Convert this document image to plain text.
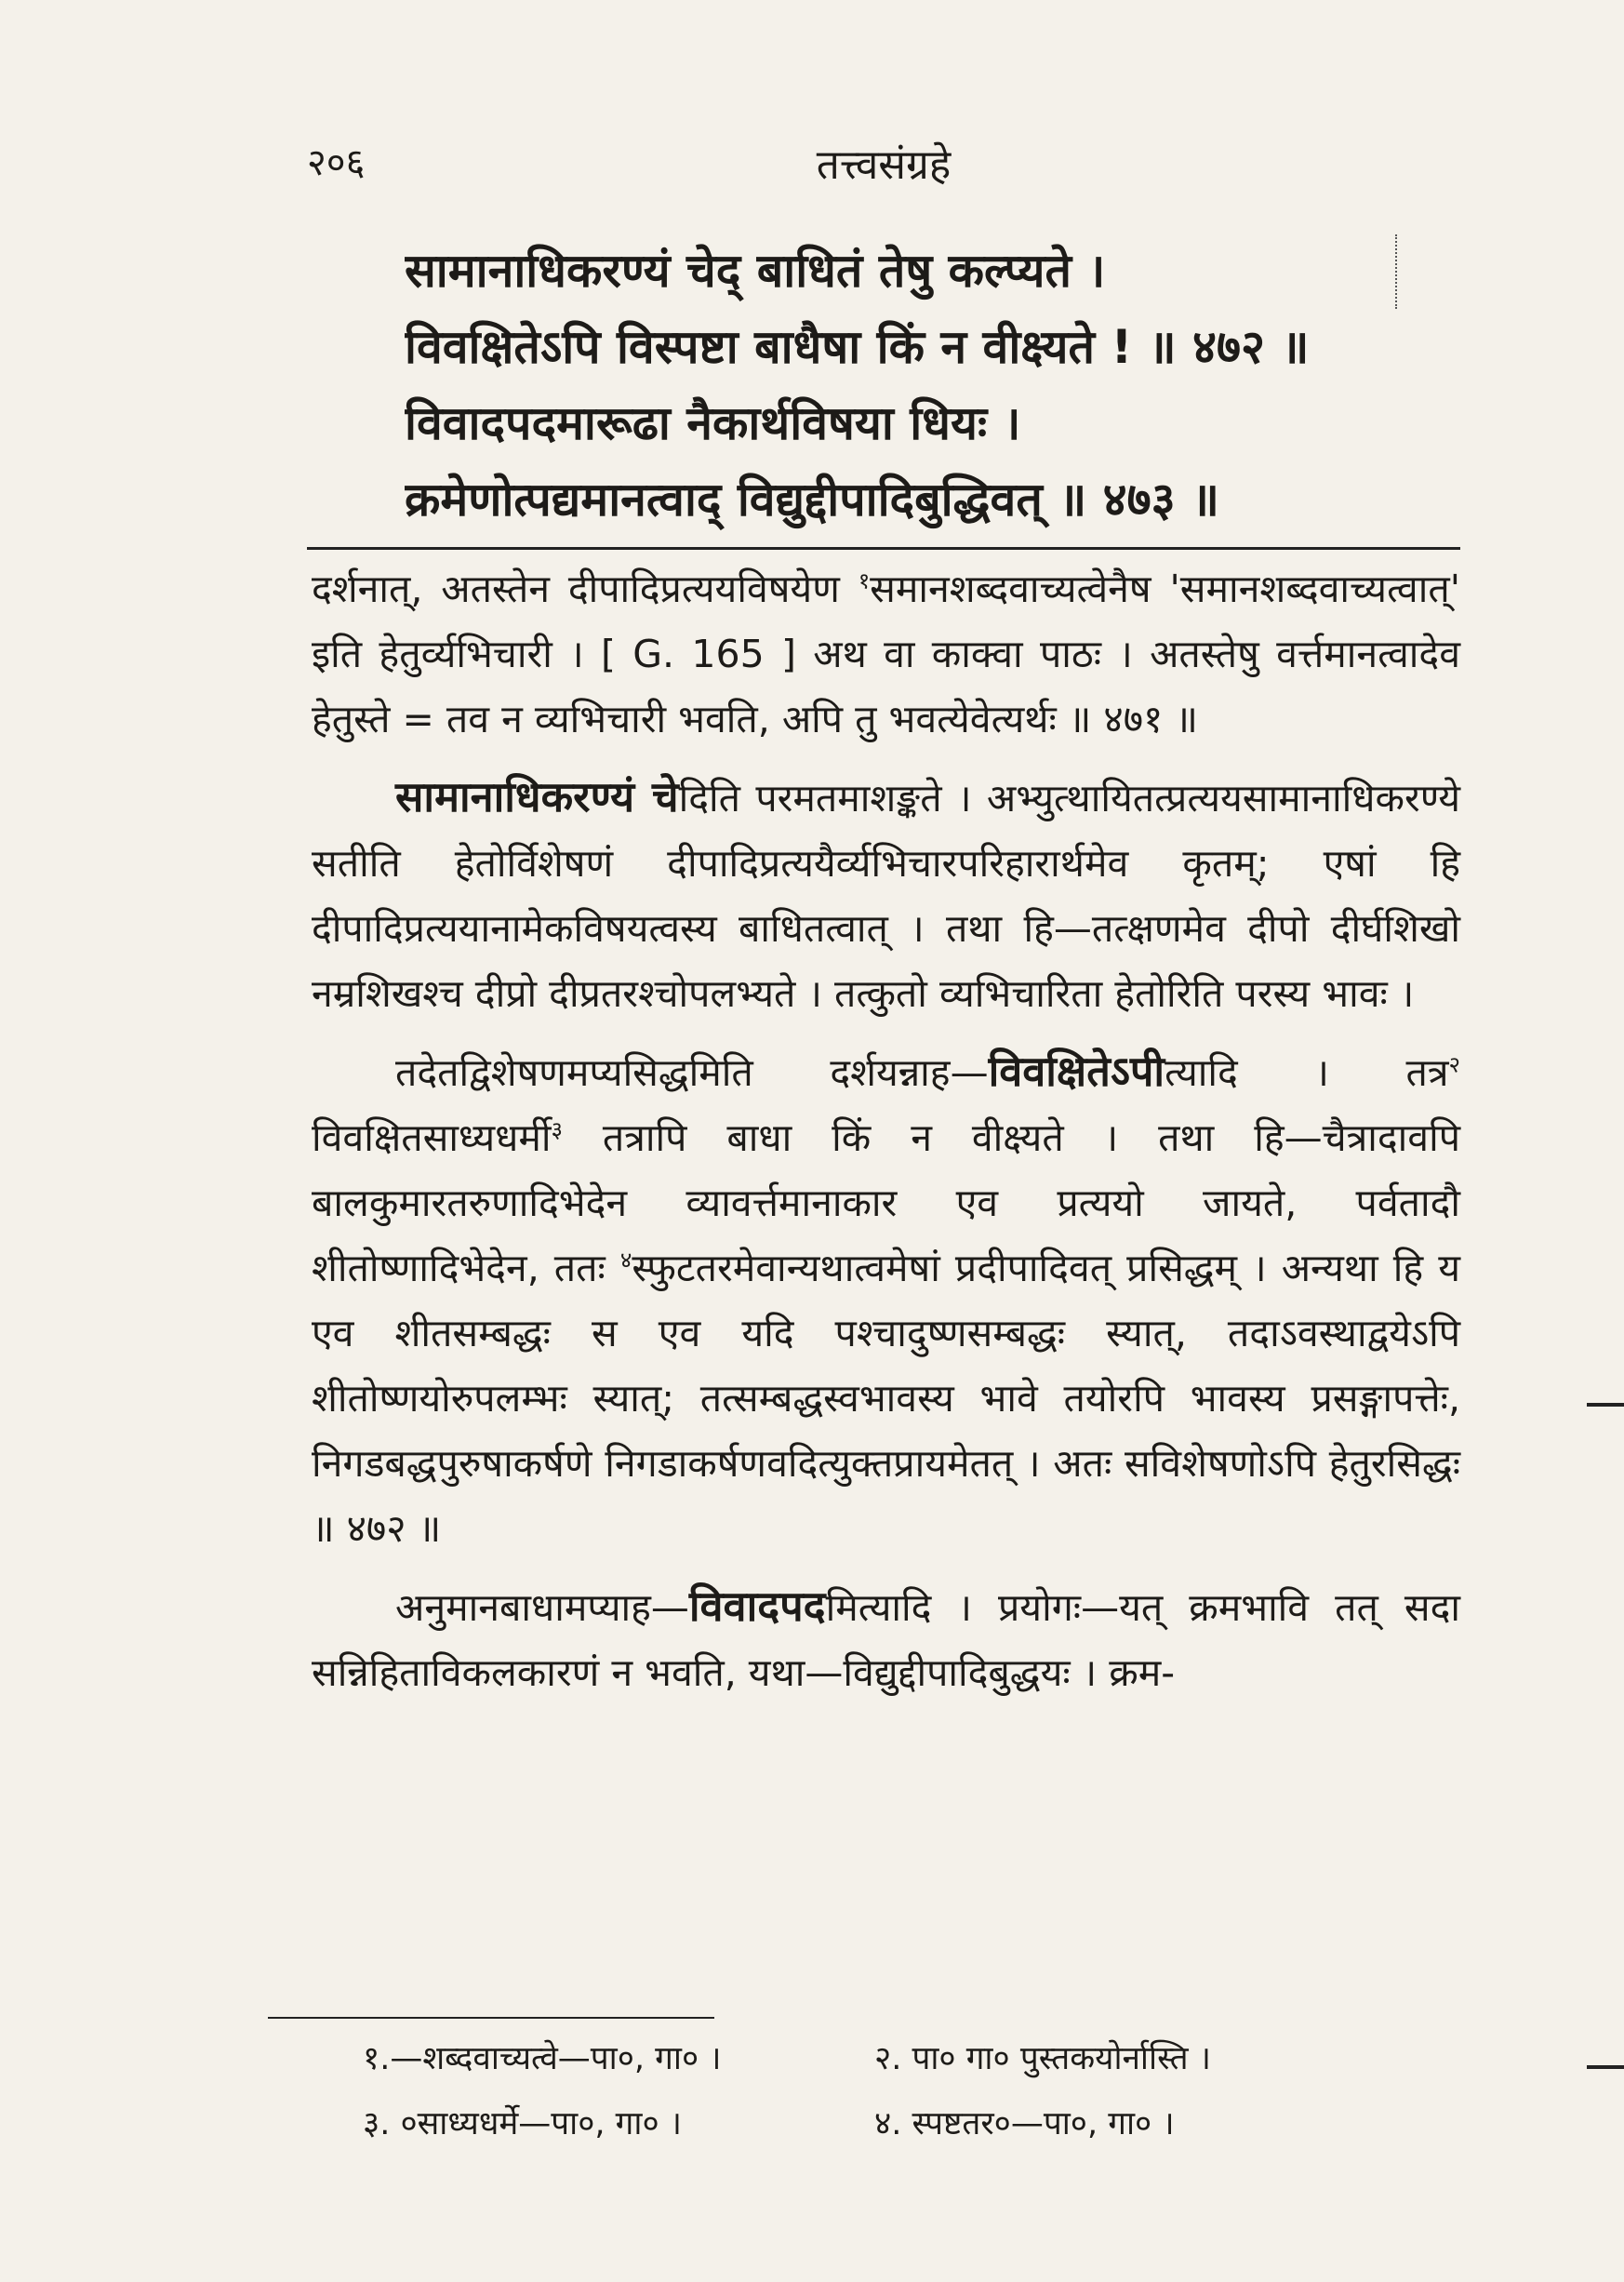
२०६	तत्त्वसंग्रहे
सामानाधिकरण्यं चेद् बाधितं तेषु कल्प्यते ।
विवक्षितेऽपि विस्पष्टा बाधैषा किं न वीक्ष्यते ! ॥ ४७२ ॥
विवादपदमारूढा नैकार्थविषया धियः ।
क्रमेणोत्पद्यमानत्वाद् विद्युद्दीपादिबुद्धिवत् ॥ ४७३ ॥

दर्शनात्, अतस्तेन दीपादिप्रत्ययविषयेण $^१$समानशब्दवाच्यत्वेनैष 'समानशब्दवाच्यत्वात्' इति हेतुर्व्यभिचारी । [ G. 165 ] अथ वा काक्वा पाठः । अतस्तेषु वर्त्तमानत्वादेव हेतुस्ते = तव न व्यभिचारी भवति, अपि तु भवत्येवेत्यर्थः ॥ ४७१ ॥

सामानाधिकरण्यं चेदिति परमतमाशङ्कते । अभ्युत्थायितत्प्रत्ययसामानाधिकरण्ये सतीति हेतोर्विशेषणं दीपादिप्रत्ययैर्व्यभिचारपरिहारार्थमेव कृतम्; एषां हि दीपादिप्रत्ययानामेकविषयत्वस्य बाधितत्वात् । तथा हि—तत्क्षणमेव दीपो दीर्घशिखो नम्रशिखश्च दीप्रो दीप्रतरश्चोपलभ्यते । तत्कुतो व्यभिचारिता हेतोरिति परस्य भावः ।

तदेतद्विशेषणमप्यसिद्धमिति दर्शयन्नाह—विवक्षितेऽपीत्यादि । तत्र$^२$ विवक्षितसाध्यधर्मी$^३$ तत्रापि बाधा किं न वीक्ष्यते । तथा हि—चैत्रादावपि बालकुमारतरुणादिभेदेन व्यावर्त्तमानाकार एव प्रत्ययो जायते, पर्वतादौ शीतोष्णादिभेदेन, ततः $^४$स्फुटतरमेवान्यथात्वमेषां प्रदीपादिवत् प्रसिद्धम् । अन्यथा हि य एव शीतसम्बद्धः स एव यदि पश्चादुष्णसम्बद्धः स्यात्, तदाऽवस्थाद्वयेऽपि शीतोष्णयोरुपलम्भः स्यात्; तत्सम्बद्धस्वभावस्य भावे तयोरपि भावस्य प्रसङ्गापत्तेः, निगडबद्धपुरुषाकर्षणे निगडाकर्षणवदित्युक्तप्रायमेतत् । अतः सविशेषणोऽपि हेतुरसिद्धः ॥ ४७२ ॥

अनुमानबाधामप्याह—विवादपदमित्यादि । प्रयोगः—यत् क्रमभावि तत् सदा सन्निहिताविकलकारणं न भवति, यथा—विद्युद्दीपादिबुद्धयः । क्रम-

१.—शब्दवाच्यत्वे—पा०, गा० ।	२. पा० गा० पुस्तकयोर्नास्ति ।
३. ०साध्यधर्मे—पा०, गा० ।	४. स्पष्टतर०—पा०, गा० ।
